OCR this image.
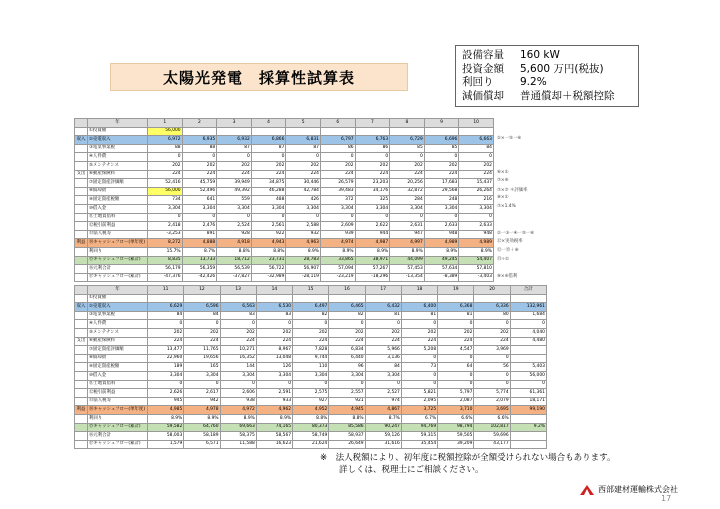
太陽光発電　採算性試算表
設備容量	160 kW
投資金額	5,600 万円(税抜)
利回り	9.2%
減価償却	普通償却＋税額控除
	年	1	2	3	4	5	6	7	8	9	10
	①投資額	56,000									
収入	②売電収入	6,972	6,935	6,932	6,866	6,831	6,797	6,763	6,729	6,696	6,663
	③電気事業税	88	88	87	87	87	86	86	85	85	84
	④人件費	0	0	0	0	0	0	0	0	0	0
	⑤メンテナンス	202	202	202	202	202	202	202	202	202	202
支出	⑥動産保険料	224	224	224	224	224	224	224	224	224	224
	⑦固定資産評価額	52,416	45,759	39,949	34,875	30,446	26,579	23,203	20,256	17,683	15,437
	⑧償却費	56,000	52,496	49,392	46,288	42,784	39,483	34,176	32,872	29,568	26,264
	⑨固定資産税額	734	641	559	488	426	372	325	284	248	216
	⑩借入金	3,304	3,304	3,304	3,304	3,304	3,304	3,304	3,304	3,304	3,304
	⑪土地賃借料	0	0	0	0	0	0	0	0	0	0
	⑫税引前利益	2,418	2,476	2,524	2,561	2,588	2,609	2,622	2,631	2,633	2,633
	⑬法人税等	-3,253	891	928	922	932	939	944	947	948	948
利益	⑭キャッシュフロー(単年度)	8,272	4,888	4,918	4,943	4,963	4,974	4,987	4,997	4,989	4,989
	利回り	15.7%	8.7%	8.8%	8.8%	8.9%	8.9%	8.9%	8.9%	8.9%	8.9%
	⑮キャッシュフロー(累計)	8,835	13,733	18,712	23,731	28,783	33,865	38,971	44,099	49,245	54,407
	⑯元利合計	56,179	56,359	56,539	56,722	56,907	57,094	57,267	57,453	57,634	57,810
	⑰キャッシュフロー(累計)	-47,376	-42,426	-37,827	-32,989	-28,119	-23,219	-18,296	-13,354	-8,389	-3,403
②×一⑤一⑥
⑥×①
⑦×⑥
⑦×⑦ ＊評価率
⑧×①
⑦×1.4%
②一③一④一⑤一⑥
⑫×実効税率
⑫一⑬＋⑧
⑬÷①
⑧×⑥借利
	年	11	12	13	14	15	16	17	18	19	20	合計
	①投資額											
収入	②売電収入	6,629	6,596	6,563	6,530	6,497	6,465	6,432	6,400	6,368	6,336	132,961
	③電気事業税	84	84	83	83	82	82	81	81	81	80	1,684
	④人件費	0	0	0	0	0	0	0	0	0	0	0
	⑤メンテナンス	202	202	202	202	202	202	202	202	202	202	4,040
支出	⑥動産保険料	224	224	224	224	224	224	224	224	224	224	4,480
	⑦固定資産評価額	13,477	11,765	10,271	8,967	7,828	6,834	5,966	5,208	4,547	3,969	
	⑧償却費	22,960	19,656	16,352	13,048	9,744	6,440	3,136	0	0	0	
	⑨固定資産税額	189	165	144	126	110	96	84	73	64	56	5,403
	⑩借入金	3,304	3,304	3,304	3,304	3,304	3,304	3,304	0	0	0	56,000
	⑪土地賃借料	0	0	0	0	0	0	0	0	0	0	0
	⑫税引前利益	2,626	2,617	2,606	2,591	2,575	2,557	2,527	5,821	5,797	5,774	61,361
	⑬法人税等	945	942	938	933	927	921	974	2,095	2,087	2,079	18,171
利益	⑭キャッシュフロー(単年度)	4,985	4,978	4,972	4,962	4,952	4,945	4,867	3,725	3,710	3,695	99,190
	利回り	8.9%	8.9%	8.9%	8.9%	8.8%	8.8%	8.7%	6.7%	6.6%	6.6%	
	⑮キャッシュフロー(累計)	59,582	64,760	69,663	74,165	80,373	85,586	90,247	94,769	98,794	102,817	9.2%
	⑯元利合計	58,003	58,189	58,375	58,567	58,749	58,937	59,126	59,315	59,505	59,696	
	⑰キャッシュフロー(累計)	1,579	6,571	11,588	16,623	21,624	26,649	31,616	35,454	39,209	43,177	
※　法人税額により、初年度に税額控除が全額受けられない場合もあります。
詳しくは、税理士にご相談ください。
西部建材運輸株式会社
17
